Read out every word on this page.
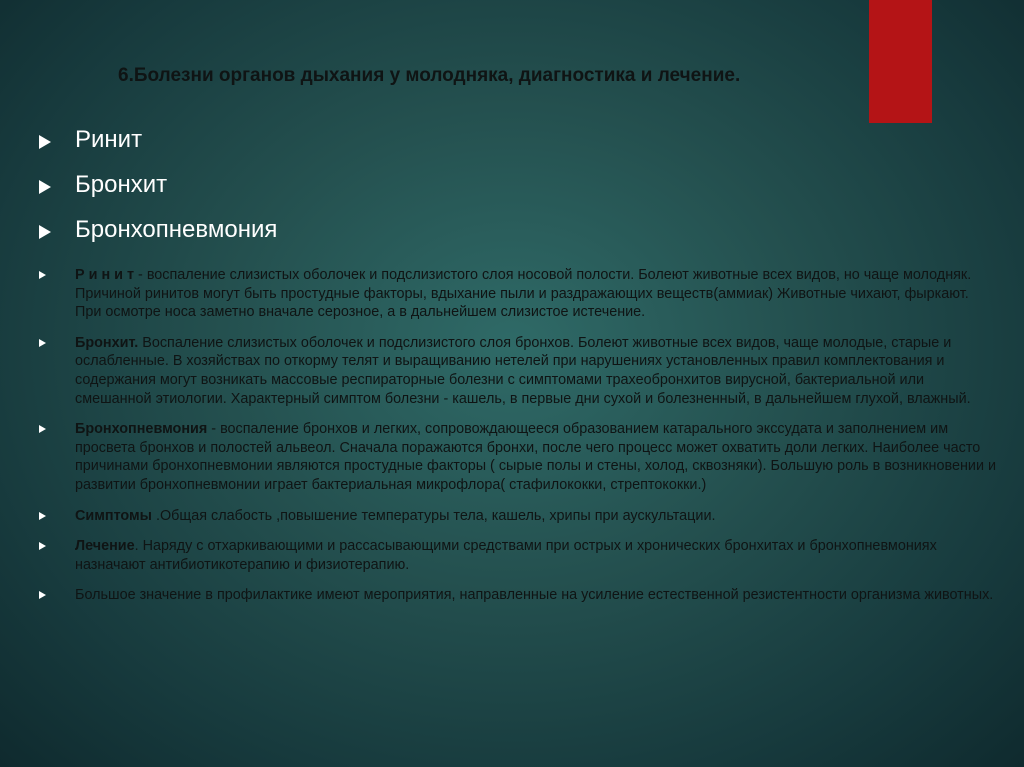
6.Болезни органов дыхания у молодняка, диагностика и лечение.
Ринит
Бронхит
Бронхопневмония
Р и н и т - воспаление слизистых оболочек и подслизистого слоя носовой полости. Болеют животные всех видов, но чаще молодняк. Причиной ринитов могут быть простудные факторы, вдыхание пыли и раздражающих веществ(аммиак) Животные чихают, фыркают. При осмотре носа заметно вначале серозное, а в дальнейшем слизистое истечение.
Бронхит. Воспаление слизистых оболочек и подслизистого слоя бронхов. Болеют животные всех видов, чаще молодые, старые и ослабленные. В хозяйствах по откорму телят и выращиванию нетелей при нарушениях установленных правил комплектования и содержания могут возникать массовые респираторные болезни с симптомами трахеобронхитов вирусной, бактериальной или смешанной этиологии. Характерный симптом болезни - кашель, в первые дни сухой и болезненный, в дальнейшем глухой, влажный.
Бронхопневмония - воспаление бронхов и легких, сопровождающееся образованием катарального экссудата и заполнением им просвета бронхов и полостей альвеол. Сначала поражаются бронхи, после чего процесс может охватить доли легких. Наиболее часто причинами бронхопневмонии являются простудные факторы ( сырые полы и стены, холод, сквозняки). Большую роль в возникновении и развитии бронхопневмонии играет бактериальная микрофлора( стафилококки, стрептококки.)
Симптомы .Общая слабость ,повышение температуры тела, кашель, хрипы при аускультации.
Лечение. Наряду с отхаркивающими и рассасывающими средствами при острых и хронических бронхитах и бронхопневмониях назначают антибиотикотерапию и физиотерапию.
Большое значение в профилактике имеют мероприятия, направленные на усиление естественной резистентности организма животных.
